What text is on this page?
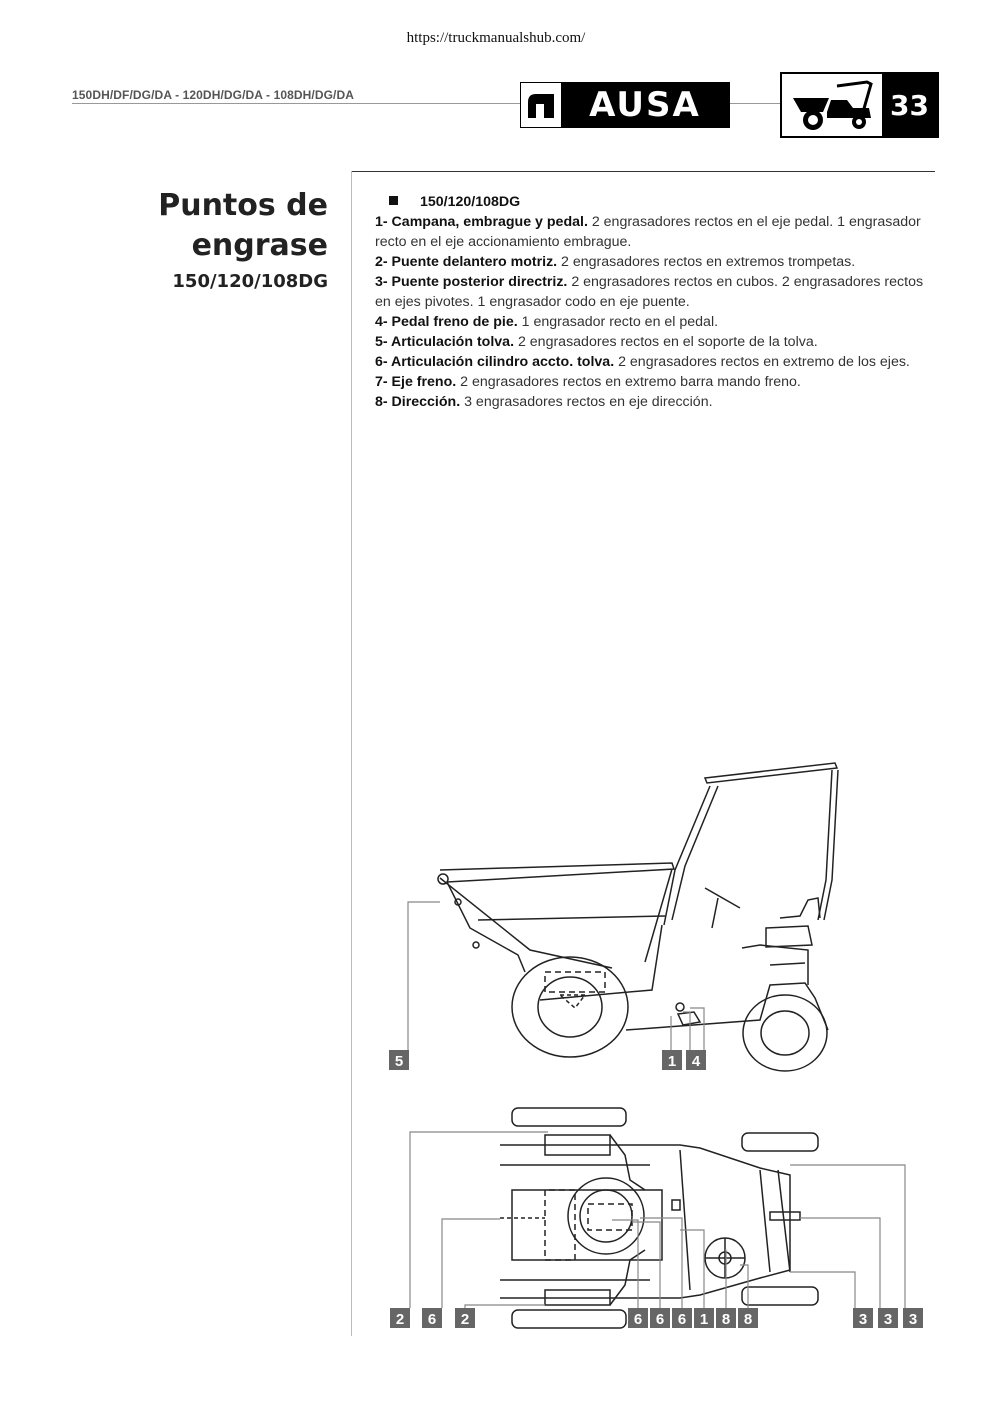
https://truckmanualshub.com/
150DH/DF/DG/DA - 120DH/DG/DA - 108DH/DG/DA	AUSA	33
Puntos de
engrase
150/120/108DG
150/120/108DG
1- Campana, embrague y pedal. 2 engrasadores rectos en el eje pedal. 1 engrasador recto en el eje accionamiento embrague.
2- Puente delantero motriz. 2 engrasadores rectos en extremos trompetas.
3- Puente posterior directriz. 2 engrasadores rectos en cubos. 2 engrasadores rectos en ejes pivotes. 1 engrasador codo en eje puente.
4- Pedal freno de pie. 1 engrasador recto en el pedal.
5- Articulación tolva. 2 engrasadores rectos en el soporte de la tolva.
6- Articulación cilindro accto. tolva. 2 engrasadores rectos en extremo de los ejes.
7- Eje freno. 2 engrasadores rectos en extremo barra mando freno.
8- Dirección. 3 engrasadores rectos en eje dirección.
5	1 4
2 6 2	6 6 6 1 8 8	3 3 3
